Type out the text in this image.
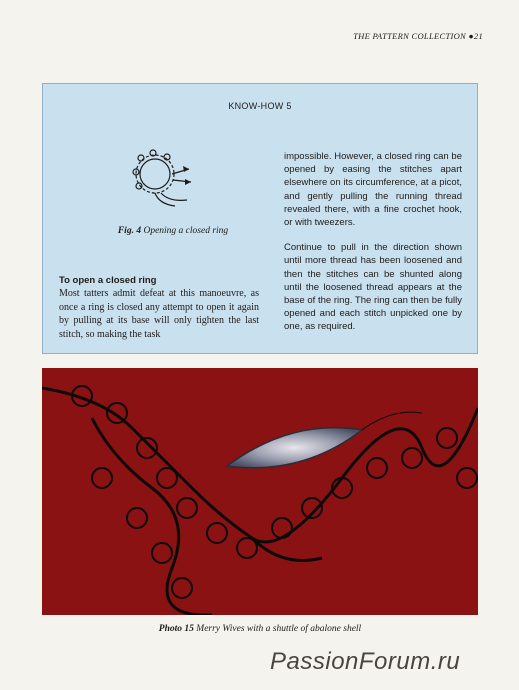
THE PATTERN COLLECTION ●21
KNOW-HOW 5
Fig. 4 Opening a closed ring
To open a closed ring

Most tatters admit defeat at this manoeuvre, as once a ring is closed any attempt to open it again by pulling at its base will only tighten the last stitch, so making the task

impossible. However, a closed ring can be opened by easing the stitches apart elsewhere on its circumference, at a picot, and gently pulling the running thread revealed there, with a fine crochet hook, or with tweezers.

Continue to pull in the direction shown until more thread has been loosened and then the stitches can be shunted along until the loosened thread appears at the base of the ring. The ring can then be fully opened and each stitch unpicked one by one, as required.

Photo 15 Merry Wives with a shuttle of abalone shell
PassionForum.ru
